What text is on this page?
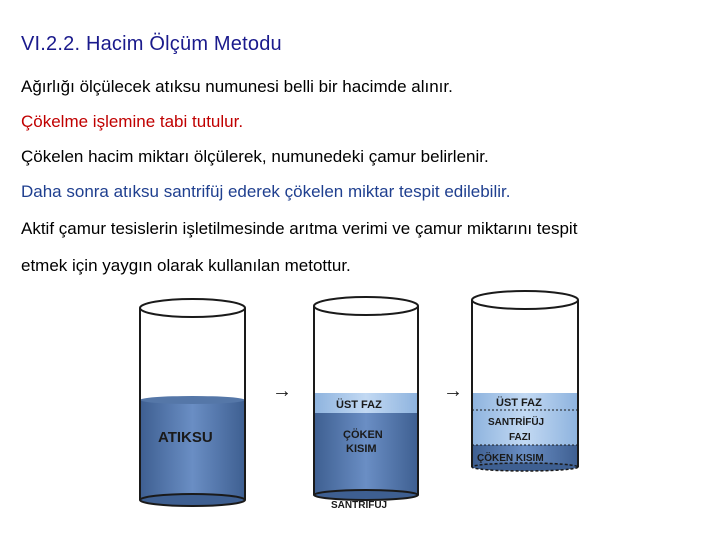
VI.2.2. Hacim Ölçüm Metodu
Ağırlığı ölçülecek atıksu numunesi belli bir hacimde alınır.
Çökelme işlemine tabi tutulur.
Çökelen hacim miktarı ölçülerek, numunedeki çamur belirlenir.
Daha sonra atıksu santrifüj ederek çökelen miktar tespit edilebilir.
Aktif çamur tesislerin işletilmesinde arıtma verimi ve çamur miktarını tespit
etmek için yaygın olarak kullanılan metottur.
ATIKSU
→
ÜST FAZ
ÇÖKEN
KISIM
SANTRİFÜJ
→
ÜST FAZ
SANTRİFÜJ
FAZI
ÇÖKEN KISIM
